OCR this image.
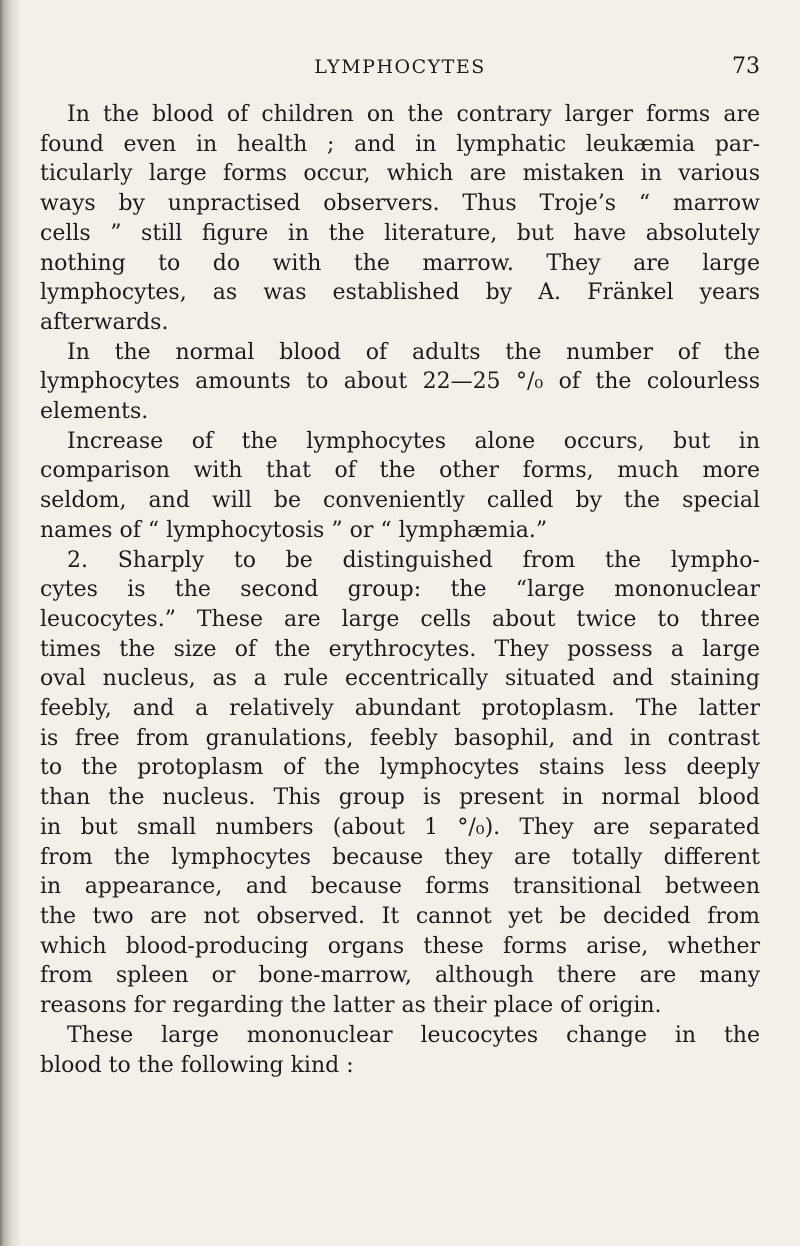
LYMPHOCYTES	73
In the blood of children on the contrary larger forms are
found even in health ; and in lymphatic leukæmia par-
ticularly large forms occur, which are mistaken in various
ways by unpractised observers. Thus Troje’s “ marrow
cells ” still figure in the literature, but have absolutely
nothing to do with the marrow. They are large
lymphocytes, as was established by A. Fränkel years
afterwards.
In the normal blood of adults the number of the
lymphocytes amounts to about 22—25 °/₀ of the colourless
elements.
Increase of the lymphocytes alone occurs, but in
comparison with that of the other forms, much more
seldom, and will be conveniently called by the special
names of “ lymphocytosis ” or “ lymphæmia.”
2. Sharply to be distinguished from the lympho-
cytes is the second group: the “large mononuclear
leucocytes.” These are large cells about twice to three
times the size of the erythrocytes. They possess a large
oval nucleus, as a rule eccentrically situated and staining
feebly, and a relatively abundant protoplasm. The latter
is free from granulations, feebly basophil, and in contrast
to the protoplasm of the lymphocytes stains less deeply
than the nucleus. This group is present in normal blood
in but small numbers (about 1 °/₀). They are separated
from the lymphocytes because they are totally different
in appearance, and because forms transitional between
the two are not observed. It cannot yet be decided from
which blood-producing organs these forms arise, whether
from spleen or bone-marrow, although there are many
reasons for regarding the latter as their place of origin.
These large mononuclear leucocytes change in the
blood to the following kind :
